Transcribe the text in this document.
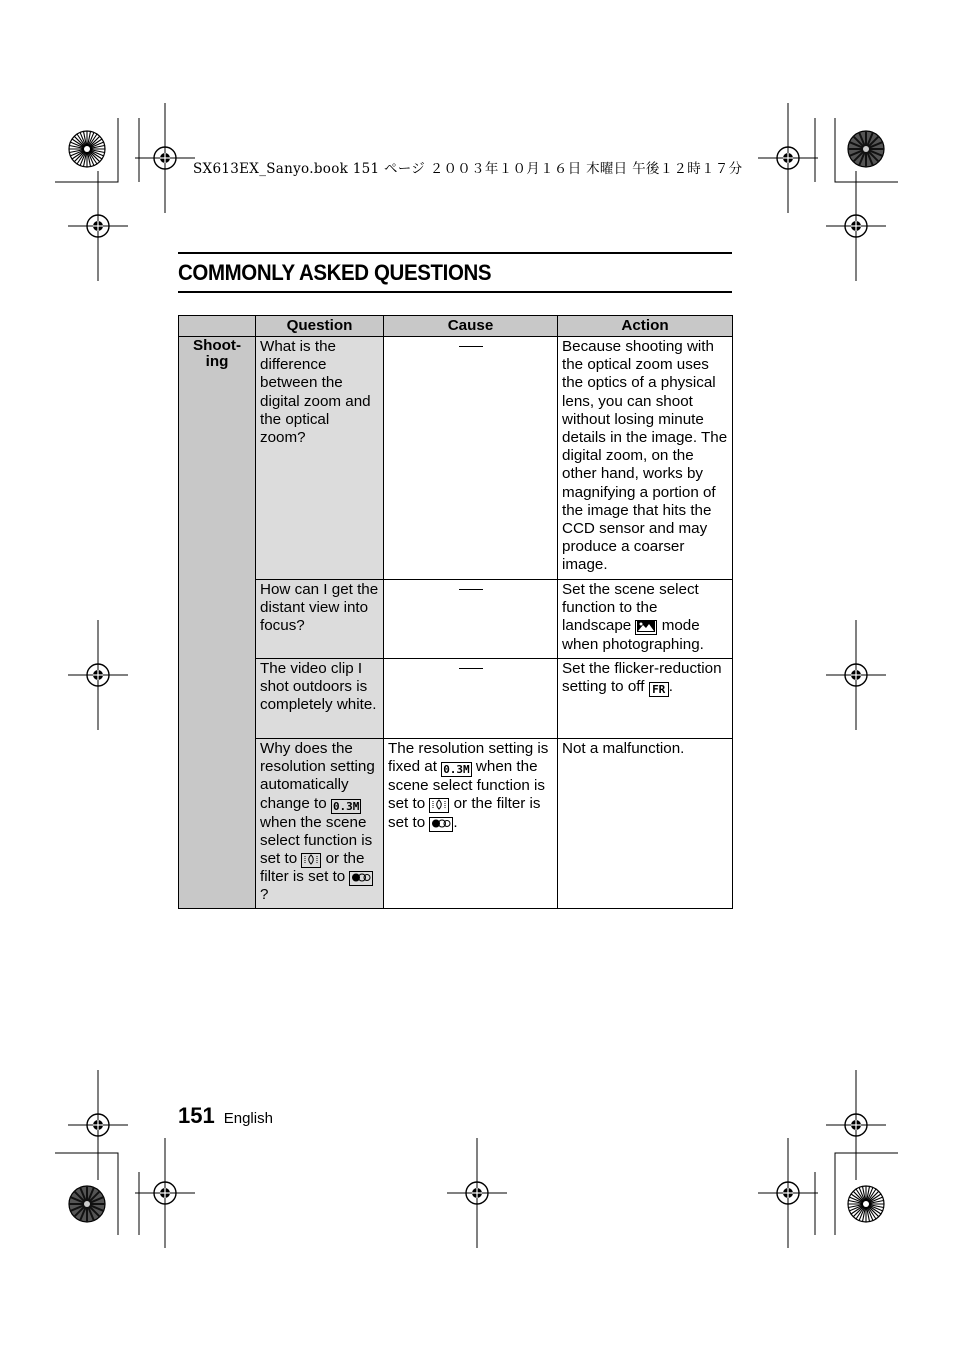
SX613EX_Sanyo.book 151 ページ ２００３年１０月１６日 木曜日 午後１２時１７分
COMMONLY ASKED QUESTIONS
	Question	Cause	Action
Shoot-
ing	What is the difference between the digital zoom and the optical zoom?		Because shooting with the optical zoom uses the optics of a physical lens, you can shoot without losing minute details in the image. The digital zoom, on the other hand, works by magnifying a portion of the image that hits the CCD sensor and may produce a coarser image.
	How can I get the distant view into focus?		Set the scene select function to the landscape  mode when photographing.
	The video clip I shot outdoors is completely white.		Set the flicker-reduction setting to off FR .
	Why does the resolution setting automatically change to 0.3M when the scene select function is set to  or the filter is set to ?	The resolution setting is fixed at 0.3M when the scene select function is set to  or the filter is set to .	Not a malfunction.
151 English
